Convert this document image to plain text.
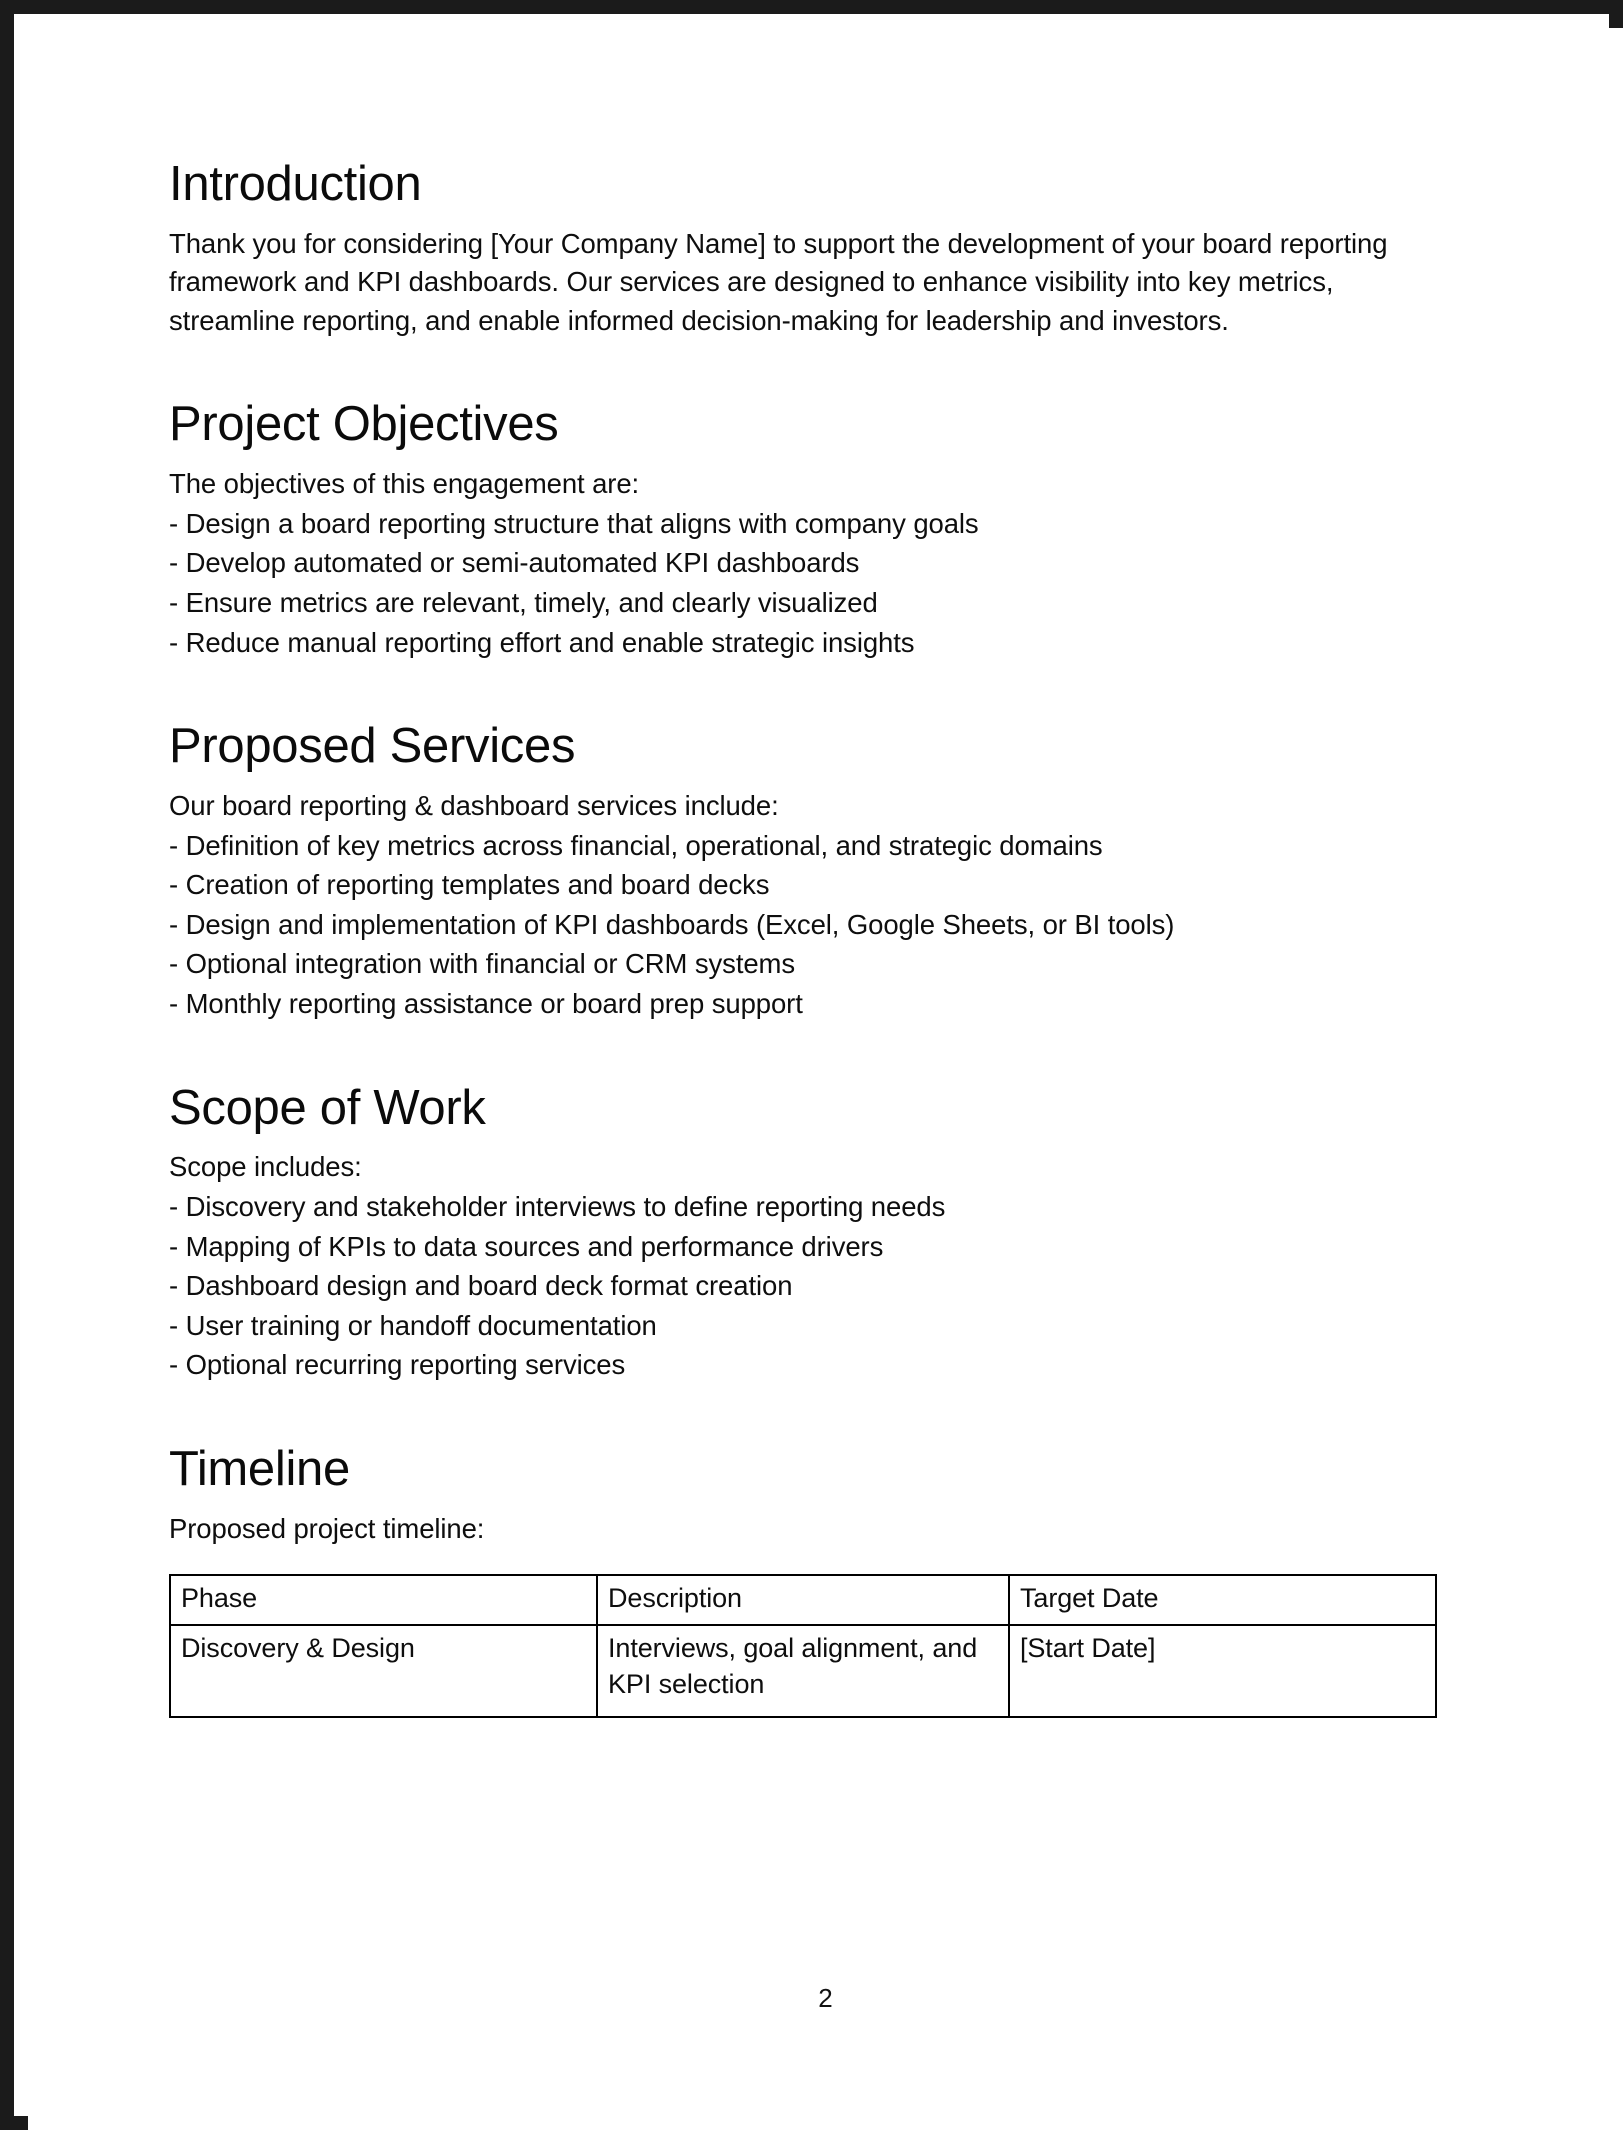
Introduction

Thank you for considering [Your Company Name] to support the development of your board reporting framework and KPI dashboards. Our services are designed to enhance visibility into key metrics, streamline reporting, and enable informed decision-making for leadership and investors.

Project Objectives

The objectives of this engagement are:

- Design a board reporting structure that aligns with company goals
- Develop automated or semi-automated KPI dashboards
- Ensure metrics are relevant, timely, and clearly visualized
- Reduce manual reporting effort and enable strategic insights
Proposed Services

Our board reporting & dashboard services include:

- Definition of key metrics across financial, operational, and strategic domains
- Creation of reporting templates and board decks
- Design and implementation of KPI dashboards (Excel, Google Sheets, or BI tools)
- Optional integration with financial or CRM systems
- Monthly reporting assistance or board prep support
Scope of Work

Scope includes:

- Discovery and stakeholder interviews to define reporting needs
- Mapping of KPIs to data sources and performance drivers
- Dashboard design and board deck format creation
- User training or handoff documentation
- Optional recurring reporting services
Timeline

Proposed project timeline:

Phase	Description	Target Date
Discovery & Design	Interviews, goal alignment, and KPI selection	[Start Date]
2
